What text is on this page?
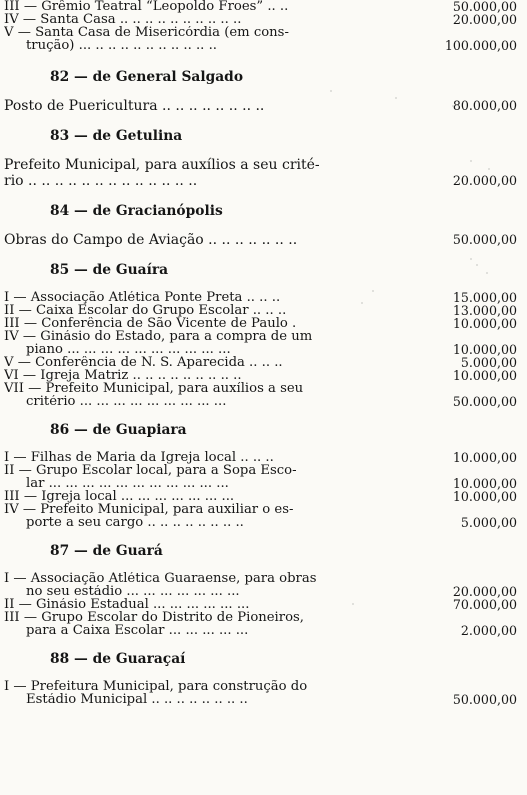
III — Grêmio Teatral “Leopoldo Froes” .. ..	50.000,00
IV — Santa Casa .. .. .. .. .. .. .. .. .. ..	20.000,00
V — Santa Casa de Misericórdia (em cons-
trução) ... .. .. .. .. .. .. .. .. .. ..	100.000,00
82 — de General Salgado
Posto de Puericultura .. .. .. .. .. .. .. ..	80.000,00
83 — de Getulina
Prefeito Municipal, para auxílios a seu crité-
rio .. .. .. .. .. .. .. .. .. .. .. .. ..	20.000,00
84 — de Gracianópolis
Obras do Campo de Aviação .. .. .. .. .. .. ..	50.000,00
85 — de Guaíra
I — Associação Atlética Ponte Preta .. .. ..	15.000,00
II — Caixa Escolar do Grupo Escolar .. .. ..	13.000,00
III — Conferência de São Vicente de Paulo .	10.000,00
IV — Ginásio do Estado, para a compra de um
piano ... ... ... ... ... ... ... ... ... ...	10.000,00
V — Conferência de N. S. Aparecida .. .. ..	5.000,00
VI — Igreja Matriz .. .. .. .. .. .. .. .. ..	10.000,00
VII — Prefeito Municipal, para auxílios a seu
critério ... ... ... ... ... ... ... ... ...	50.000,00
86 — de Guapiara
I — Filhas de Maria da Igreja local .. .. ..	10.000,00
II — Grupo Escolar local, para a Sopa Esco-
lar ... ... ... ... ... ... ... ... ... ... ...	10.000,00
III — Igreja local ... ... ... ... ... ... ...	10.000,00
IV — Prefeito Municipal, para auxiliar o es-
porte a seu cargo .. .. .. .. .. .. .. ..	5.000,00
87 — de Guará
I — Associação Atlética Guaraense, para obras
no seu estádio ... ... ... ... ... ... ...	20.000,00
II — Ginásio Estadual ... ... ... ... ... ...	70.000,00
III — Grupo Escolar do Distrito de Pioneiros,
para a Caixa Escolar ... ... ... ... ...	2.000,00
88 — de Guaraçaí
I — Prefeitura Municipal, para construção do
Estádio Municipal .. .. .. .. .. .. .. ..	50.000,00
